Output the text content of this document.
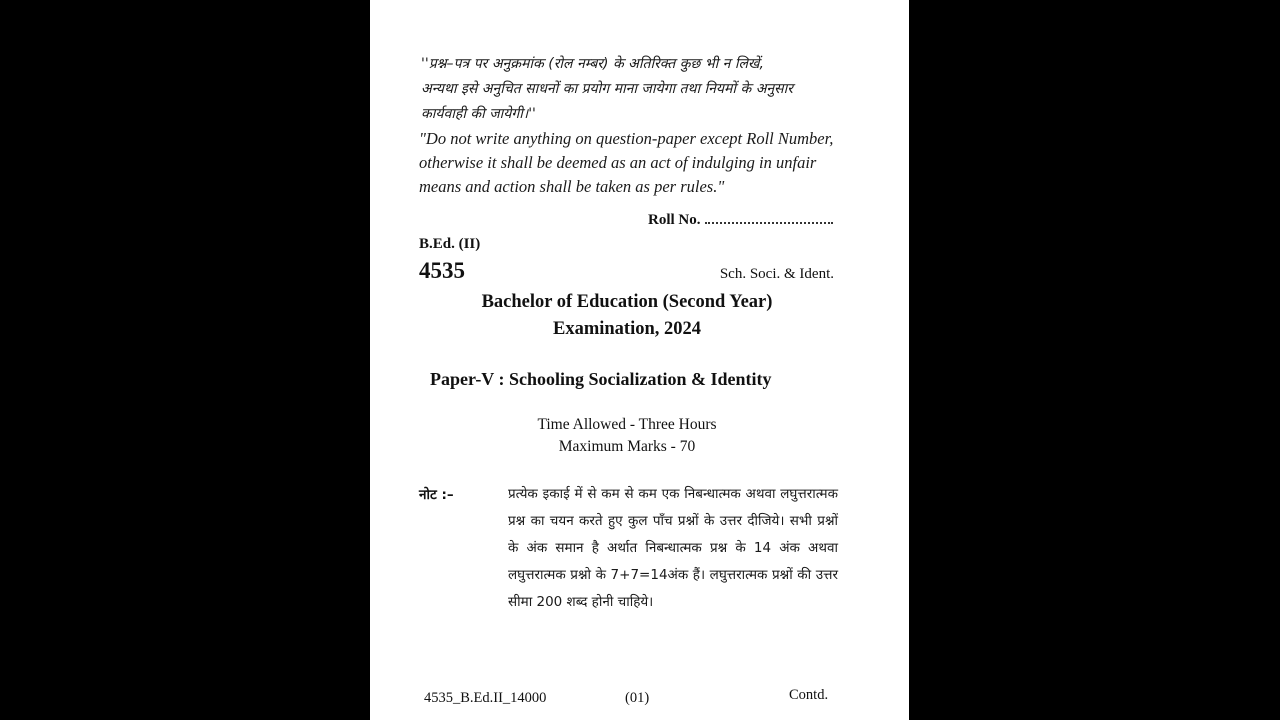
''प्रश्न–पत्र पर अनुक्रमांक (रोल नम्बर) के अतिरिक्त कुछ भी न लिखें,
अन्यथा इसे अनुचित साधनों का प्रयोग माना जायेगा तथा नियमों के अनुसार
कार्यवाही की जायेगी।''
"Do not write anything on question-paper except Roll Number,
otherwise it shall be deemed as an act of indulging in unfair
means and action shall be taken as per rules."
Roll No.
B.Ed. (II)
4535	Sch. Soci. & Ident.
Bachelor of Education (Second Year)
Examination, 2024
Paper-V : Schooling Socialization & Identity
Time Allowed - Three Hours
Maximum Marks - 70
नोट :–	प्रत्येक इकाई में से कम से कम एक निबन्धात्मक अथवा लघुत्तरात्मक प्रश्न का चयन करते हुए कुल पाँच प्रश्नों के उत्तर दीजिये। सभी प्रश्नों के अंक समान है अर्थात निबन्धात्मक प्रश्न के 14 अंक अथवा लघुत्तरात्मक प्रश्नो के 7+7=14अंक हैं। लघुत्तरात्मक प्रश्नों की उत्तर सीमा 200 शब्द होनी चाहिये।
4535_B.Ed.II_14000	(01)	Contd.
